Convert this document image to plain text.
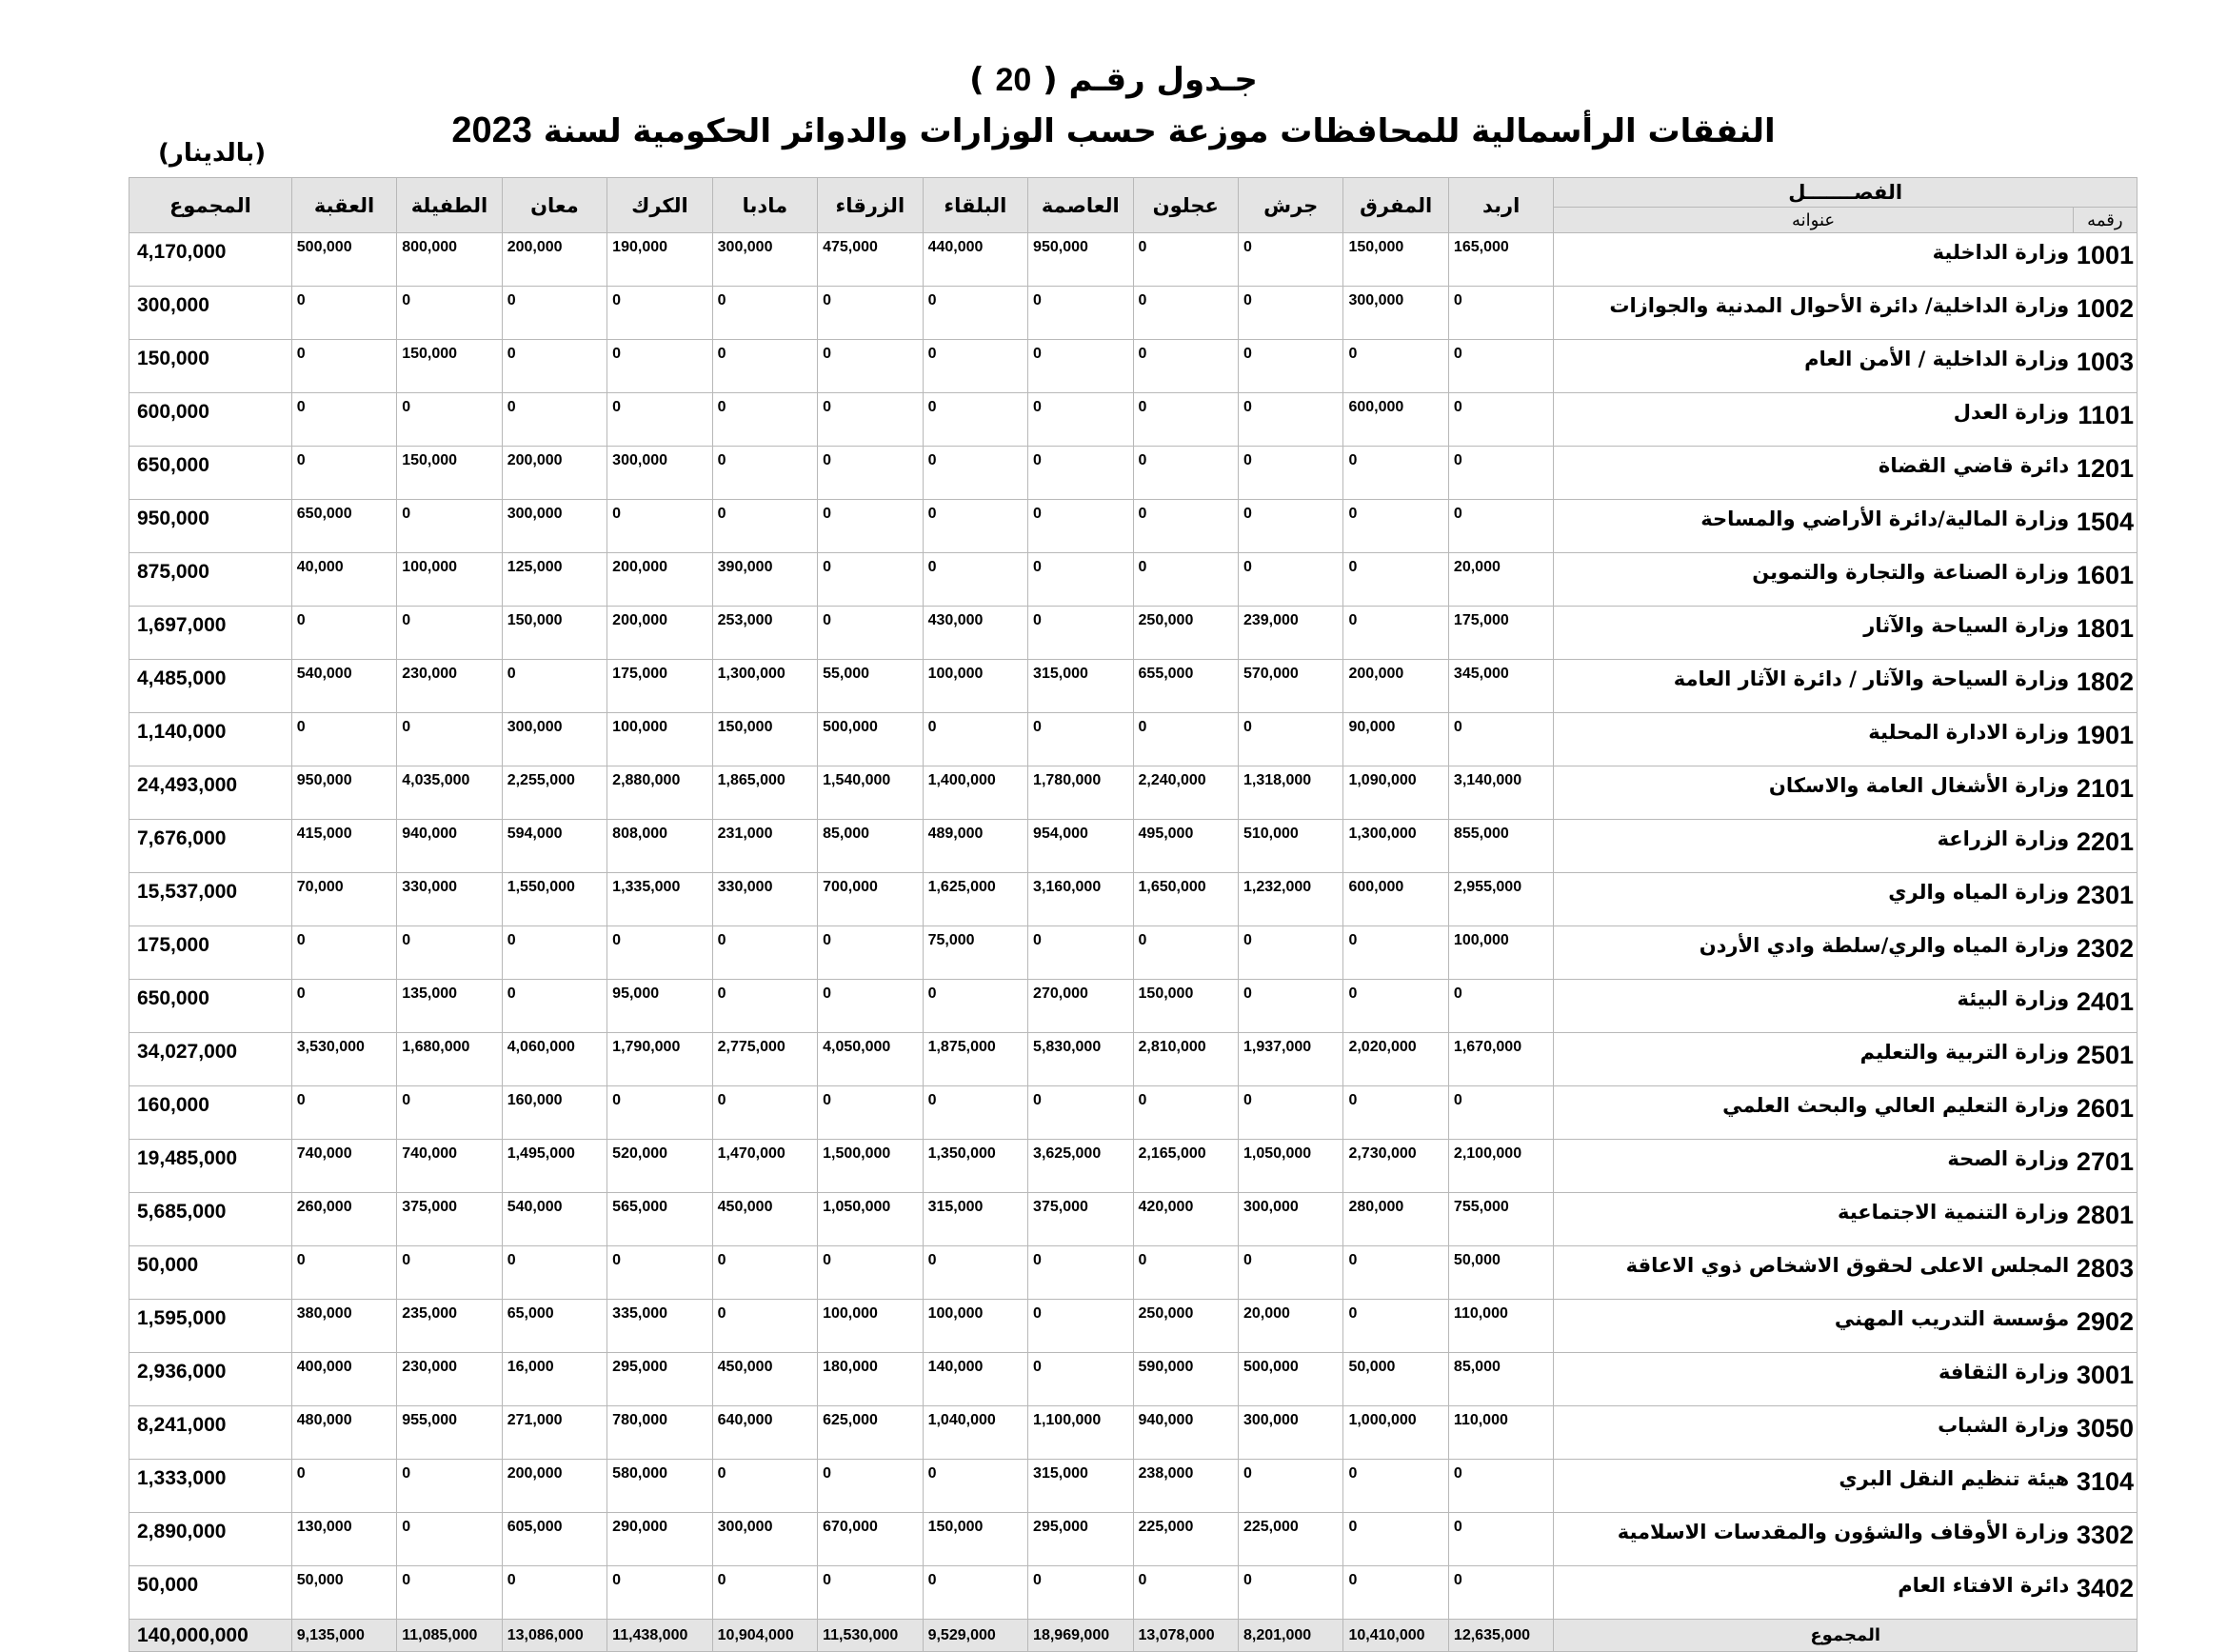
جـدول رقـم ( 20 )
النفقات الرأسمالية للمحافظات موزعة حسب الوزارات والدوائر الحكومية لسنة 2023
(بالدينار)
الفصـــــــل		اربد	المفرق	جرش	عجلون	العاصمة	البلقاء	الزرقاء	مادبا	الكرك	معان	الطفيلة	العقبة	المجموع
رقمه	عنوانه													
1001	وزارة الداخلية	165,000	150,000	0	0	950,000	440,000	475,000	300,000	190,000	200,000	800,000	500,000	4,170,000
1002	وزارة الداخلية/ دائرة الأحوال المدنية والجوازات	0	300,000	0	0	0	0	0	0	0	0	0	0	300,000
1003	وزارة الداخلية / الأمن العام	0	0	0	0	0	0	0	0	0	0	150,000	0	150,000
1101	وزارة العدل	0	600,000	0	0	0	0	0	0	0	0	0	0	600,000
1201	دائرة قاضي القضاة	0	0	0	0	0	0	0	0	300,000	200,000	150,000	0	650,000
1504	وزارة المالية/دائرة الأراضي والمساحة	0	0	0	0	0	0	0	0	0	300,000	0	650,000	950,000
1601	وزارة الصناعة والتجارة والتموين	20,000	0	0	0	0	0	0	390,000	200,000	125,000	100,000	40,000	875,000
1801	وزارة السياحة والآثار	175,000	0	239,000	250,000	0	430,000	0	253,000	200,000	150,000	0	0	1,697,000
1802	وزارة السياحة والآثار / دائرة الآثار العامة	345,000	200,000	570,000	655,000	315,000	100,000	55,000	1,300,000	175,000	0	230,000	540,000	4,485,000
1901	وزارة الادارة المحلية	0	90,000	0	0	0	0	500,000	150,000	100,000	300,000	0	0	1,140,000
2101	وزارة الأشغال العامة والاسكان	3,140,000	1,090,000	1,318,000	2,240,000	1,780,000	1,400,000	1,540,000	1,865,000	2,880,000	2,255,000	4,035,000	950,000	24,493,000
2201	وزارة الزراعة	855,000	1,300,000	510,000	495,000	954,000	489,000	85,000	231,000	808,000	594,000	940,000	415,000	7,676,000
2301	وزارة المياه والري	2,955,000	600,000	1,232,000	1,650,000	3,160,000	1,625,000	700,000	330,000	1,335,000	1,550,000	330,000	70,000	15,537,000
2302	وزارة المياه والري/سلطة وادي الأردن	100,000	0	0	0	0	75,000	0	0	0	0	0	0	175,000
2401	وزارة البيئة	0	0	0	150,000	270,000	0	0	0	95,000	0	135,000	0	650,000
2501	وزارة التربية والتعليم	1,670,000	2,020,000	1,937,000	2,810,000	5,830,000	1,875,000	4,050,000	2,775,000	1,790,000	4,060,000	1,680,000	3,530,000	34,027,000
2601	وزارة التعليم العالي والبحث العلمي	0	0	0	0	0	0	0	0	0	160,000	0	0	160,000
2701	وزارة الصحة	2,100,000	2,730,000	1,050,000	2,165,000	3,625,000	1,350,000	1,500,000	1,470,000	520,000	1,495,000	740,000	740,000	19,485,000
2801	وزارة التنمية الاجتماعية	755,000	280,000	300,000	420,000	375,000	315,000	1,050,000	450,000	565,000	540,000	375,000	260,000	5,685,000
2803	المجلس الاعلى لحقوق الاشخاص ذوي الاعاقة	50,000	0	0	0	0	0	0	0	0	0	0	0	50,000
2902	مؤسسة التدريب المهني	110,000	0	20,000	250,000	0	100,000	100,000	0	335,000	65,000	235,000	380,000	1,595,000
3001	وزارة الثقافة	85,000	50,000	500,000	590,000	0	140,000	180,000	450,000	295,000	16,000	230,000	400,000	2,936,000
3050	وزارة الشباب	110,000	1,000,000	300,000	940,000	1,100,000	1,040,000	625,000	640,000	780,000	271,000	955,000	480,000	8,241,000
3104	هيئة تنظيم النقل البري	0	0	0	238,000	315,000	0	0	0	580,000	200,000	0	0	1,333,000
3302	وزارة الأوقاف والشؤون والمقدسات الاسلامية	0	0	225,000	225,000	295,000	150,000	670,000	300,000	290,000	605,000	0	130,000	2,890,000
3402	دائرة الافتاء العام	0	0	0	0	0	0	0	0	0	0	0	50,000	50,000
المجموع		12,635,000	10,410,000	8,201,000	13,078,000	18,969,000	9,529,000	11,530,000	10,904,000	11,438,000	13,086,000	11,085,000	9,135,000	140,000,000
